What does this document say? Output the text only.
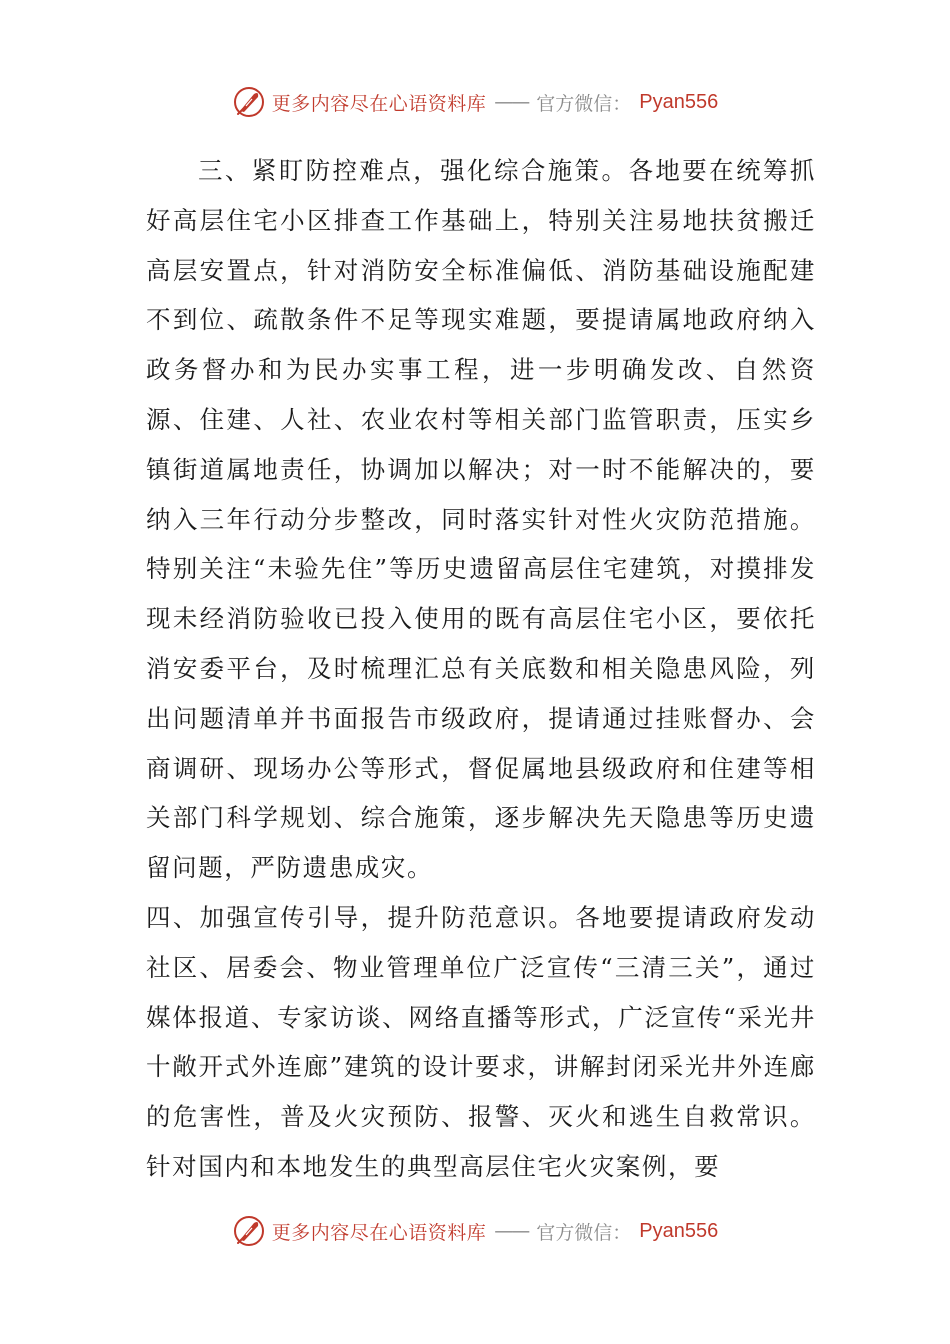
更多内容尽在心语资料库 —— 官方微信： Pyan556

三、紧盯防控难点，强化综合施策。各地要在统筹抓好高层住宅小区排查工作基础上，特别关注易地扶贫搬迁高层安置点，针对消防安全标准偏低、消防基础设施配建不到位、疏散条件不足等现实难题，要提请属地政府纳入政务督办和为民办实事工程，进一步明确发改、自然资源、住建、人社、农业农村等相关部门监管职责，压实乡镇街道属地责任，协调加以解决；对一时不能解决的，要纳入三年行动分步整改，同时落实针对性火灾防范措施。特别关注“未验先住”等历史遗留高层住宅建筑，对摸排发现未经消防验收已投入使用的既有高层住宅小区，要依托消安委平台，及时梳理汇总有关底数和相关隐患风险，列出问题清单并书面报告市级政府，提请通过挂账督办、会商调研、现场办公等形式，督促属地县级政府和住建等相关部门科学规划、综合施策，逐步解决先天隐患等历史遗留问题，严防遗患成灾。

四、加强宣传引导，提升防范意识。各地要提请政府发动社区、居委会、物业管理单位广泛宣传“三清三关”，通过媒体报道、专家访谈、网络直播等形式，广泛宣传“采光井十敞开式外连廊”建筑的设计要求，讲解封闭采光井外连廊的危害性，普及火灾预防、报警、灭火和逃生自救常识。针对国内和本地发生的典型高层住宅火灾案例，要

更多内容尽在心语资料库 —— 官方微信： Pyan556
